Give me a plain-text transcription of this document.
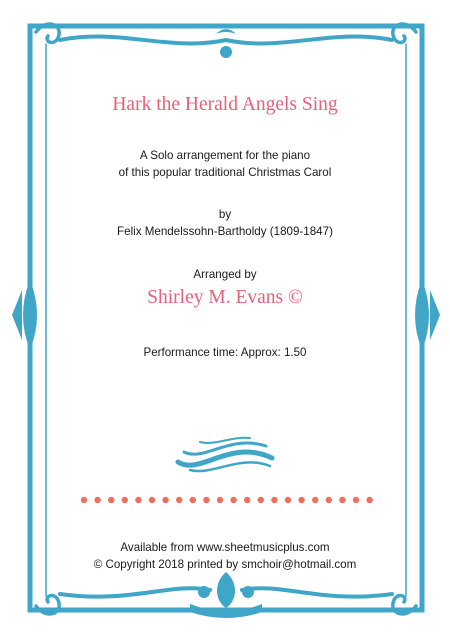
Hark the Herald Angels Sing

A Solo arrangement for the piano

of this popular traditional Christmas Carol

by

Felix Mendelssohn-Bartholdy (1809-1847)

Arranged by

Shirley M. Evans ©

Performance time: Approx: 1.50

Available from www.sheetmusicplus.com

© Copyright 2018 printed by smchoir@hotmail.com
